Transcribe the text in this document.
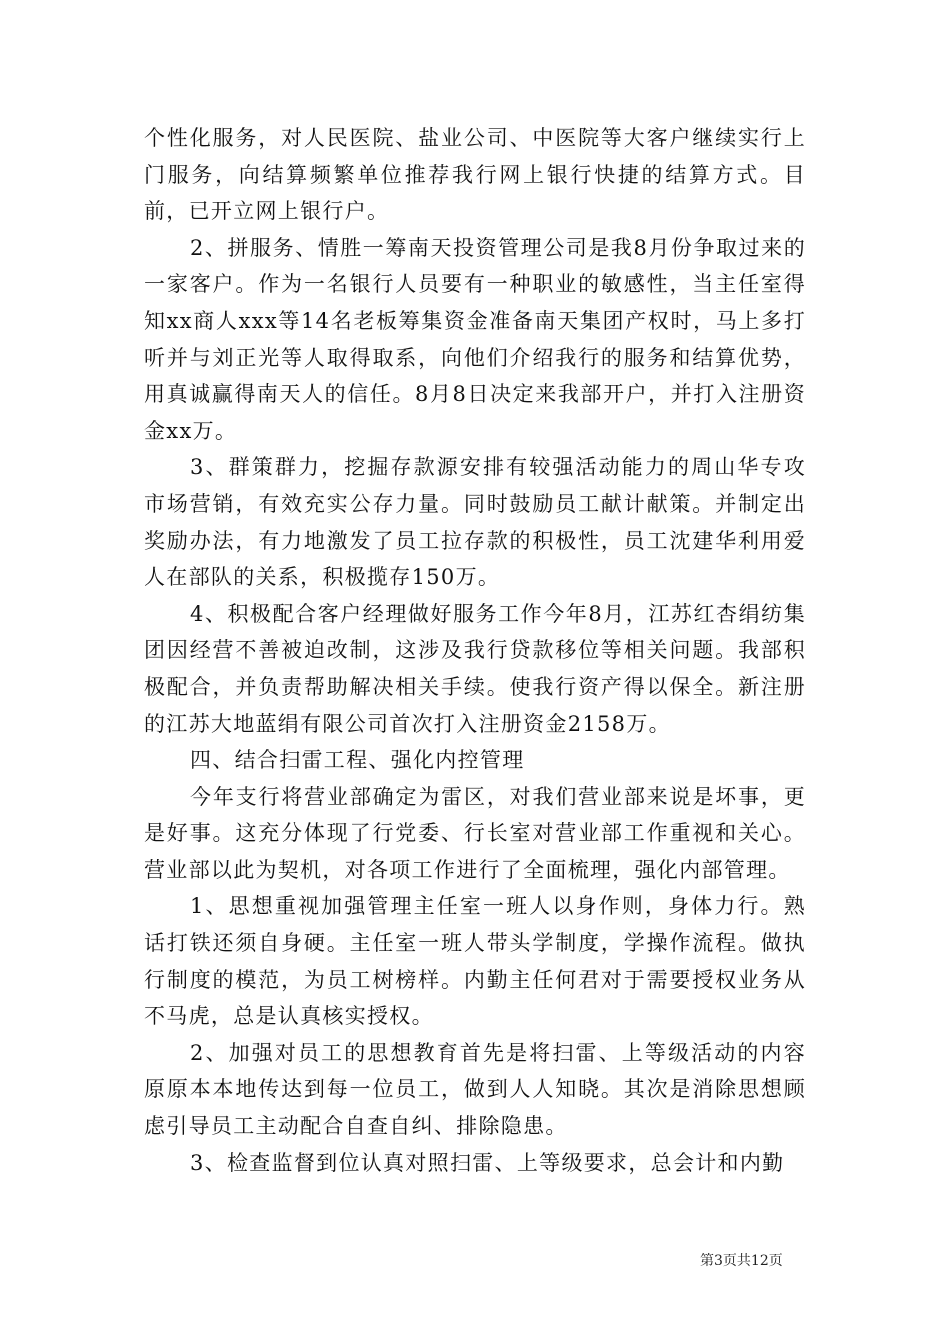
个性化服务，对人民医院、盐业公司、中医院等大客户继续实行上门服务，向结算频繁单位推荐我行网上银行快捷的结算方式。目前，已开立网上银行户。

2、拼服务、情胜一筹南天投资管理公司是我8月份争取过来的一家客户。作为一名银行人员要有一种职业的敏感性，当主任室得知xx商人xxx等14名老板筹集资金准备南天集团产权时，马上多打听并与刘正光等人取得取系，向他们介绍我行的服务和结算优势，用真诚赢得南天人的信任。8月8日决定来我部开户，并打入注册资金xx万。

3、群策群力，挖掘存款源安排有较强活动能力的周山华专攻市场营销，有效充实公存力量。同时鼓励员工献计献策。并制定出奖励办法，有力地激发了员工拉存款的积极性，员工沈建华利用爱人在部队的关系，积极揽存150万。

4、积极配合客户经理做好服务工作今年8月，江苏红杏绢纺集团因经营不善被迫改制，这涉及我行贷款移位等相关问题。我部积极配合，并负责帮助解决相关手续。使我行资产得以保全。新注册的江苏大地蓝绢有限公司首次打入注册资金2158万。

四、结合扫雷工程、强化内控管理

今年支行将营业部确定为雷区，对我们营业部来说是坏事，更是好事。这充分体现了行党委、行长室对营业部工作重视和关心。营业部以此为契机，对各项工作进行了全面梳理，强化内部管理。

1、思想重视加强管理主任室一班人以身作则，身体力行。熟话打铁还须自身硬。主任室一班人带头学制度，学操作流程。做执行制度的模范，为员工树榜样。内勤主任何君对于需要授权业务从不马虎，总是认真核实授权。

2、加强对员工的思想教育首先是将扫雷、上等级活动的内容原原本本地传达到每一位员工，做到人人知晓。其次是消除思想顾虑引导员工主动配合自查自纠、排除隐患。

3、检查监督到位认真对照扫雷、上等级要求，总会计和内勤

第3页共12页
